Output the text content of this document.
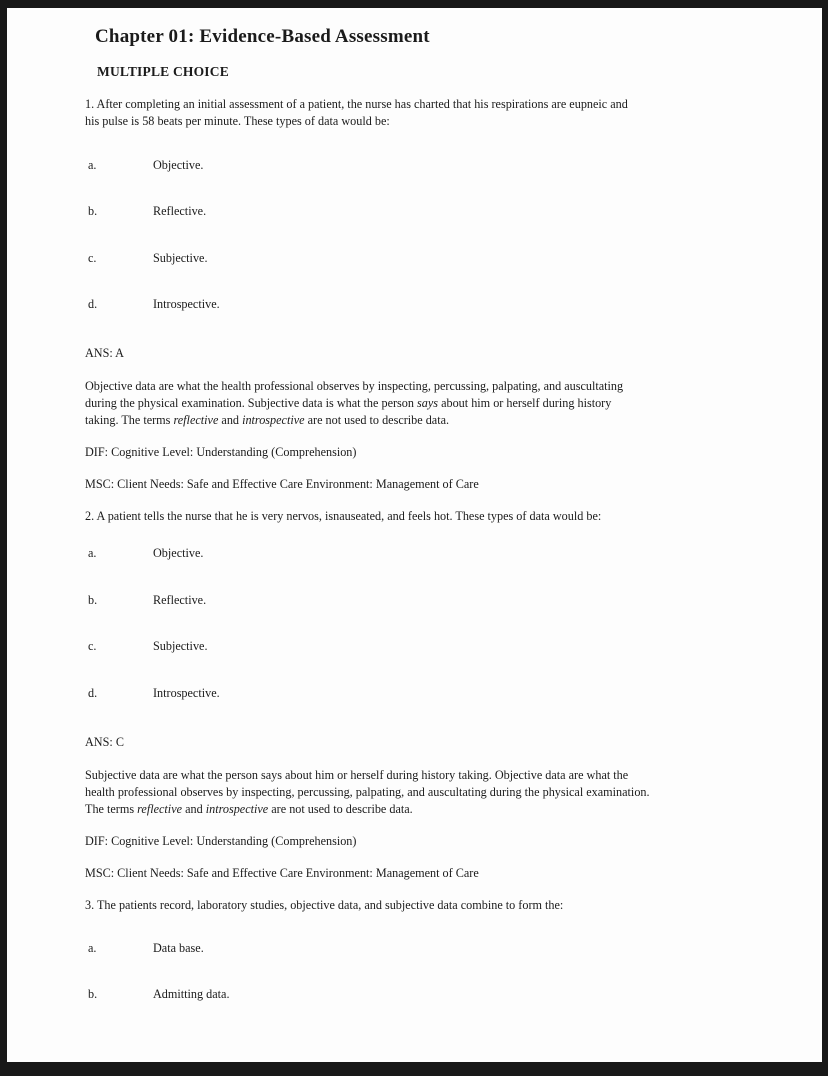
Chapter 01: Evidence-Based Assessment
MULTIPLE CHOICE
1. After completing an initial assessment of a patient, the nurse has charted that his respirations are eupneic and
his pulse is 58 beats per minute. These types of data would be:
a.	Objective.
b.	Reflective.
c.	Subjective.
d.	Introspective.
ANS: A
Objective data are what the health professional observes by inspecting, percussing, palpating, and auscultating
during the physical examination. Subjective data is what the person says about him or herself during history
taking. The terms reflective and introspective are not used to describe data.
DIF: Cognitive Level: Understanding (Comprehension)
MSC: Client Needs: Safe and Effective Care Environment: Management of Care
2. A patient tells the nurse that he is very nervos, isnauseated, and feels hot. These types of data would be:
a.	Objective.
b.	Reflective.
c.	Subjective.
d.	Introspective.
ANS: C
Subjective data are what the person says about him or herself during history taking. Objective data are what the
health professional observes by inspecting, percussing, palpating, and auscultating during the physical examination.
The terms reflective and introspective are not used to describe data.
DIF: Cognitive Level: Understanding (Comprehension)
MSC: Client Needs: Safe and Effective Care Environment: Management of Care
3. The patients record, laboratory studies, objective data, and subjective data combine to form the:
a.	Data base.
b.	Admitting data.
